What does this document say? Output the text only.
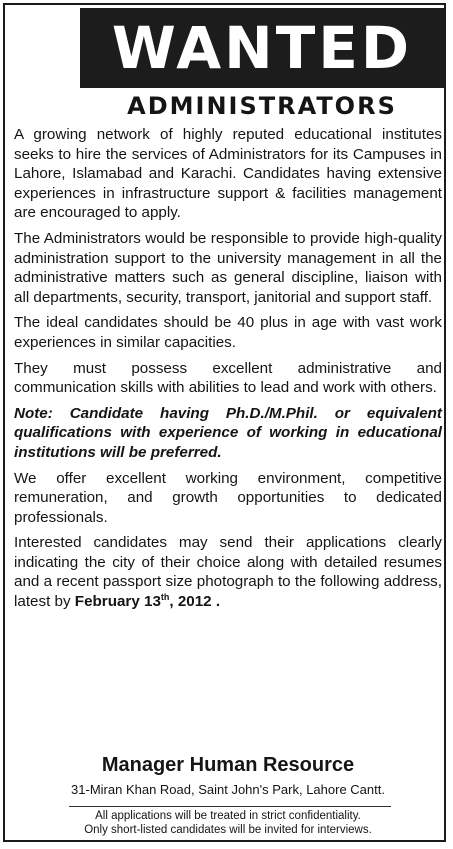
WANTED
ADMINISTRATORS

A growing network of highly reputed educational institutes seeks to hire the services of Administrators for its Campuses in Lahore, Islamabad and Karachi. Candidates having extensive experiences in infrastructure support & facilities management are encouraged to apply.

The Administrators would be responsible to provide high-quality administration support to the university management in all the administrative matters such as general discipline, liaison with all departments, security, transport, janitorial and support staff.

The ideal candidates should be 40 plus in age with vast work experiences in similar capacities.

They must possess excellent administrative and communication skills with abilities to lead and work with others.

Note: Candidate having Ph.D./M.Phil. or equivalent qualifications with experience of working in educational institutions will be preferred.

We offer excellent working environment, competitive remuneration, and growth opportunities to dedicated professionals.

Interested candidates may send their applications clearly indicating the city of their choice along with detailed resumes and a recent passport size photograph to the following address, latest by February 13th, 2012 .

Manager Human Resource
31-Miran Khan Road, Saint John's Park, Lahore Cantt.
All applications will be treated in strict confidentiality.
Only short-listed candidates will be invited for interviews.
